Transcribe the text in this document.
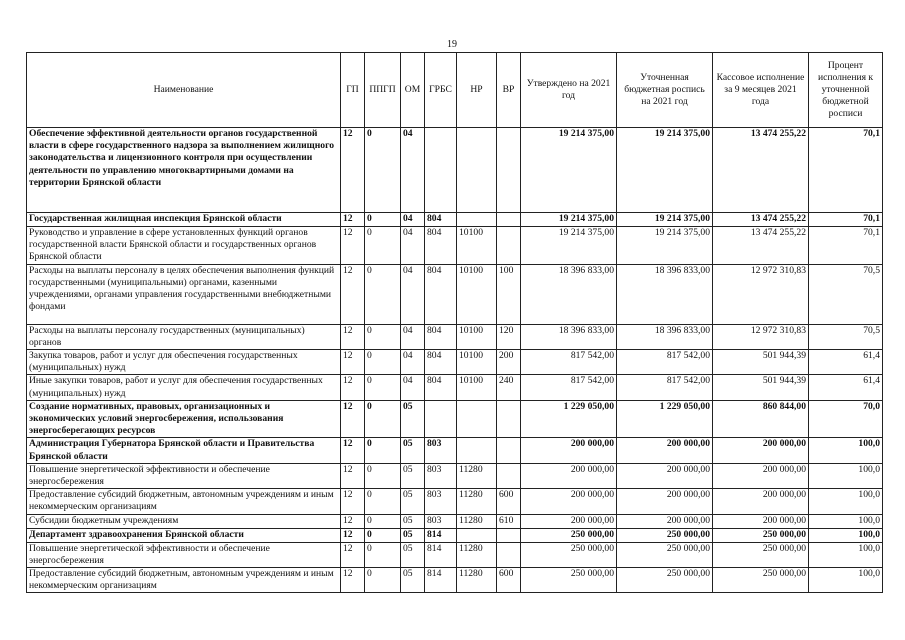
19
Наименование	ГП	ППГП	ОМ	ГРБС	НР	ВР	Утверждено на 2021 год	Уточненная бюджетная роспись на 2021 год	Кассовое исполнение за 9 месяцев 2021 года	Процент исполнения к уточненной бюджетной росписи
Обеспечение эффективной деятельности органов государственной власти в сфере государственного надзора за выполнением жилищного законодательства и лицензионного контроля при осуществлении деятельности по управлению многоквартирными домами на территории Брянской области	12	0	04				19 214 375,00	19 214 375,00	13 474 255,22	70,1
Государственная жилищная инспекция Брянской области	12	0	04	804			19 214 375,00	19 214 375,00	13 474 255,22	70,1
Руководство и управление в сфере установленных функций органов государственной власти Брянской области и государственных органов Брянской области	12	0	04	804	10100		19 214 375,00	19 214 375,00	13 474 255,22	70,1
Расходы на выплаты персоналу в целях обеспечения выполнения функций государственными (муниципальными) органами, казенными учреждениями, органами управления государственными внебюджетными фондами	12	0	04	804	10100	100	18 396 833,00	18 396 833,00	12 972 310,83	70,5
Расходы на выплаты персоналу государственных (муниципальных) органов	12	0	04	804	10100	120	18 396 833,00	18 396 833,00	12 972 310,83	70,5
Закупка товаров, работ и услуг для обеспечения государственных (муниципальных) нужд	12	0	04	804	10100	200	817 542,00	817 542,00	501 944,39	61,4
Иные закупки товаров, работ и услуг для обеспечения государственных (муниципальных) нужд	12	0	04	804	10100	240	817 542,00	817 542,00	501 944,39	61,4
Создание нормативных, правовых, организационных и экономических условий энергосбережения, использования энергосберегающих ресурсов	12	0	05				1 229 050,00	1 229 050,00	860 844,00	70,0
Администрация Губернатора Брянской области и Правительства Брянской области	12	0	05	803			200 000,00	200 000,00	200 000,00	100,0
Повышение энергетической эффективности и обеспечение энергосбережения	12	0	05	803	11280		200 000,00	200 000,00	200 000,00	100,0
Предоставление субсидий бюджетным, автономным учреждениям и иным некоммерческим организациям	12	0	05	803	11280	600	200 000,00	200 000,00	200 000,00	100,0
Субсидии бюджетным учреждениям	12	0	05	803	11280	610	200 000,00	200 000,00	200 000,00	100,0
Департамент здравоохранения Брянской области	12	0	05	814			250 000,00	250 000,00	250 000,00	100,0
Повышение энергетической эффективности и обеспечение энергосбережения	12	0	05	814	11280		250 000,00	250 000,00	250 000,00	100,0
Предоставление субсидий бюджетным, автономным учреждениям и иным некоммерческим организациям	12	0	05	814	11280	600	250 000,00	250 000,00	250 000,00	100,0
